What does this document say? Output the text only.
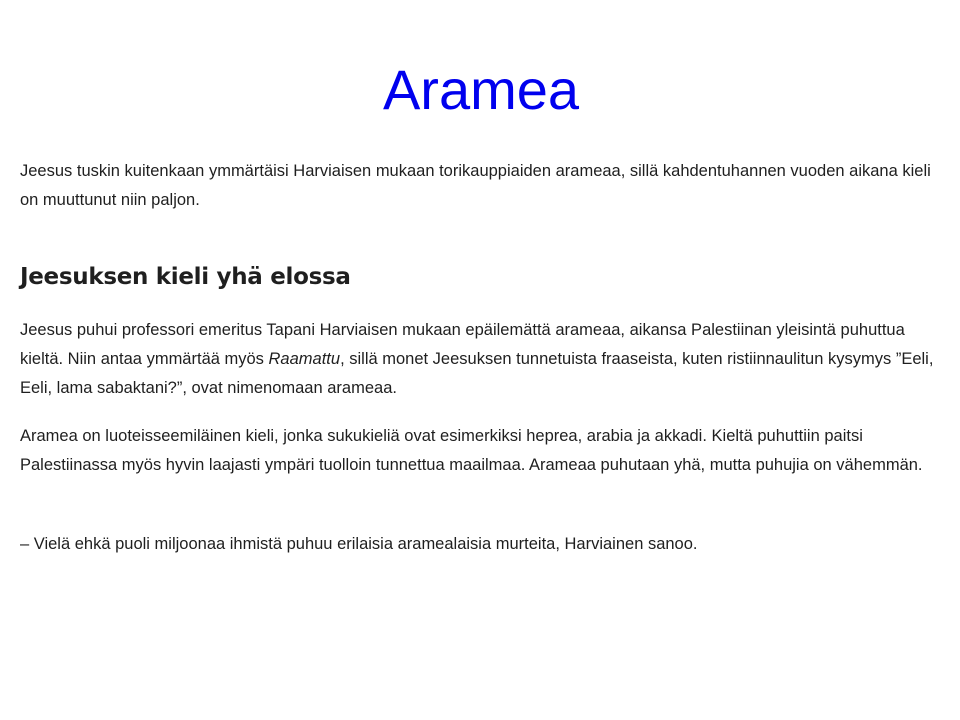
Aramea

Jeesus tuskin kuitenkaan ymmärtäisi Harviaisen mukaan torikauppiaiden arameaa, sillä kahdentuhannen vuoden aikana kieli on muuttunut niin paljon.

Jeesuksen kieli yhä elossa

Jeesus puhui professori emeritus Tapani Harviaisen mukaan epäilemättä arameaa, aikansa Palestiinan yleisintä puhuttua kieltä. Niin antaa ymmärtää myös Raamattu, sillä monet Jeesuksen tunnetuista fraaseista, kuten ristiinnaulitun kysymys ”Eeli, Eeli, lama sabaktani?”, ovat nimenomaan arameaa.

Aramea on luoteisseemiläinen kieli, jonka sukukieliä ovat esimerkiksi heprea, arabia ja akkadi. Kieltä puhuttiin paitsi Palestiinassa myös hyvin laajasti ympäri tuolloin tunnettua maailmaa. Arameaa puhutaan yhä, mutta puhujia on vähemmän.

– Vielä ehkä puoli miljoonaa ihmistä puhuu erilaisia aramealaisia murteita, Harviainen sanoo.
